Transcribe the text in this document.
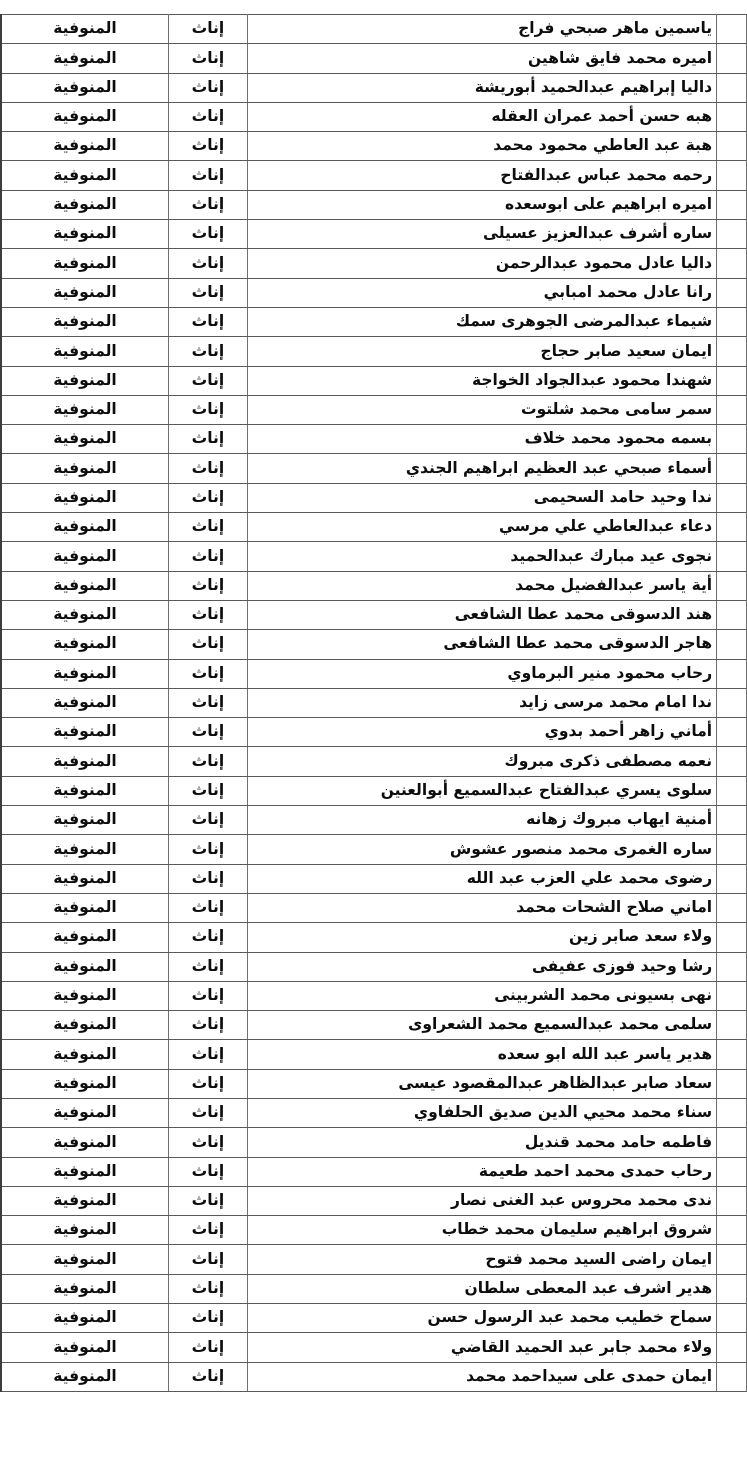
	ياسمين ماهر صبحي فراج	إناث	المنوفية
	اميره محمد فايق شاهين	إناث	المنوفية
	داليا إبراهيم عبدالحميد أبوريشة	إناث	المنوفية
	هبه حسن أحمد عمران العقله	إناث	المنوفية
	هبة عبد العاطي محمود محمد	إناث	المنوفية
	رحمه محمد عباس عبدالفتاح	إناث	المنوفية
	اميره ابراهيم على ابوسعده	إناث	المنوفية
	ساره أشرف عبدالعزيز عسيلى	إناث	المنوفية
	داليا عادل محمود عبدالرحمن	إناث	المنوفية
	رانا عادل محمد امبابي	إناث	المنوفية
	شيماء عبدالمرضى الجوهرى سمك	إناث	المنوفية
	ايمان سعيد صابر حجاج	إناث	المنوفية
	شهندا محمود عبدالجواد الخواجة	إناث	المنوفية
	سمر سامى محمد شلتوت	إناث	المنوفية
	بسمه محمود محمد خلاف	إناث	المنوفية
	أسماء صبحي عبد العظيم ابراهيم الجندي	إناث	المنوفية
	ندا وحيد حامد السحيمى	إناث	المنوفية
	دعاء عبدالعاطي علي مرسي	إناث	المنوفية
	نجوى عيد مبارك عبدالحميد	إناث	المنوفية
	أية ياسر عبدالفضيل محمد	إناث	المنوفية
	هند الدسوقى محمد عطا الشافعى	إناث	المنوفية
	هاجر الدسوقى محمد عطا الشافعى	إناث	المنوفية
	رحاب محمود منير البرماوي	إناث	المنوفية
	ندا امام محمد مرسى زايد	إناث	المنوفية
	أماني زاهر أحمد بدوي	إناث	المنوفية
	نعمه مصطفى ذكرى مبروك	إناث	المنوفية
	سلوى يسري عبدالفتاح عبدالسميع أبوالعنين	إناث	المنوفية
	أمنية ايهاب مبروك زهانه	إناث	المنوفية
	ساره الغمرى محمد منصور عشوش	إناث	المنوفية
	رضوى محمد علي العزب عبد الله	إناث	المنوفية
	اماني صلاح الشحات محمد	إناث	المنوفية
	ولاء سعد صابر زين	إناث	المنوفية
	رشا وحيد فوزى عفيفى	إناث	المنوفية
	نهى بسيونى محمد الشربينى	إناث	المنوفية
	سلمى محمد عبدالسميع محمد الشعراوى	إناث	المنوفية
	هدير ياسر عبد الله ابو سعده	إناث	المنوفية
	سعاد صابر عبدالظاهر عبدالمقصود عيسى	إناث	المنوفية
	سناء محمد محيي الدين صديق الحلفاوي	إناث	المنوفية
	فاطمه حامد محمد قنديل	إناث	المنوفية
	رحاب حمدى محمد احمد طعيمة	إناث	المنوفية
	ندى محمد محروس عبد الغنى نصار	إناث	المنوفية
	شروق ابراهيم سليمان محمد خطاب	إناث	المنوفية
	ايمان راضى السيد محمد فتوح	إناث	المنوفية
	هدير اشرف عبد المعطى سلطان	إناث	المنوفية
	سماح خطيب محمد عبد الرسول حسن	إناث	المنوفية
	ولاء محمد جابر عبد الحميد القاضي	إناث	المنوفية
	ايمان حمدى على سيداحمد محمد	إناث	المنوفية
